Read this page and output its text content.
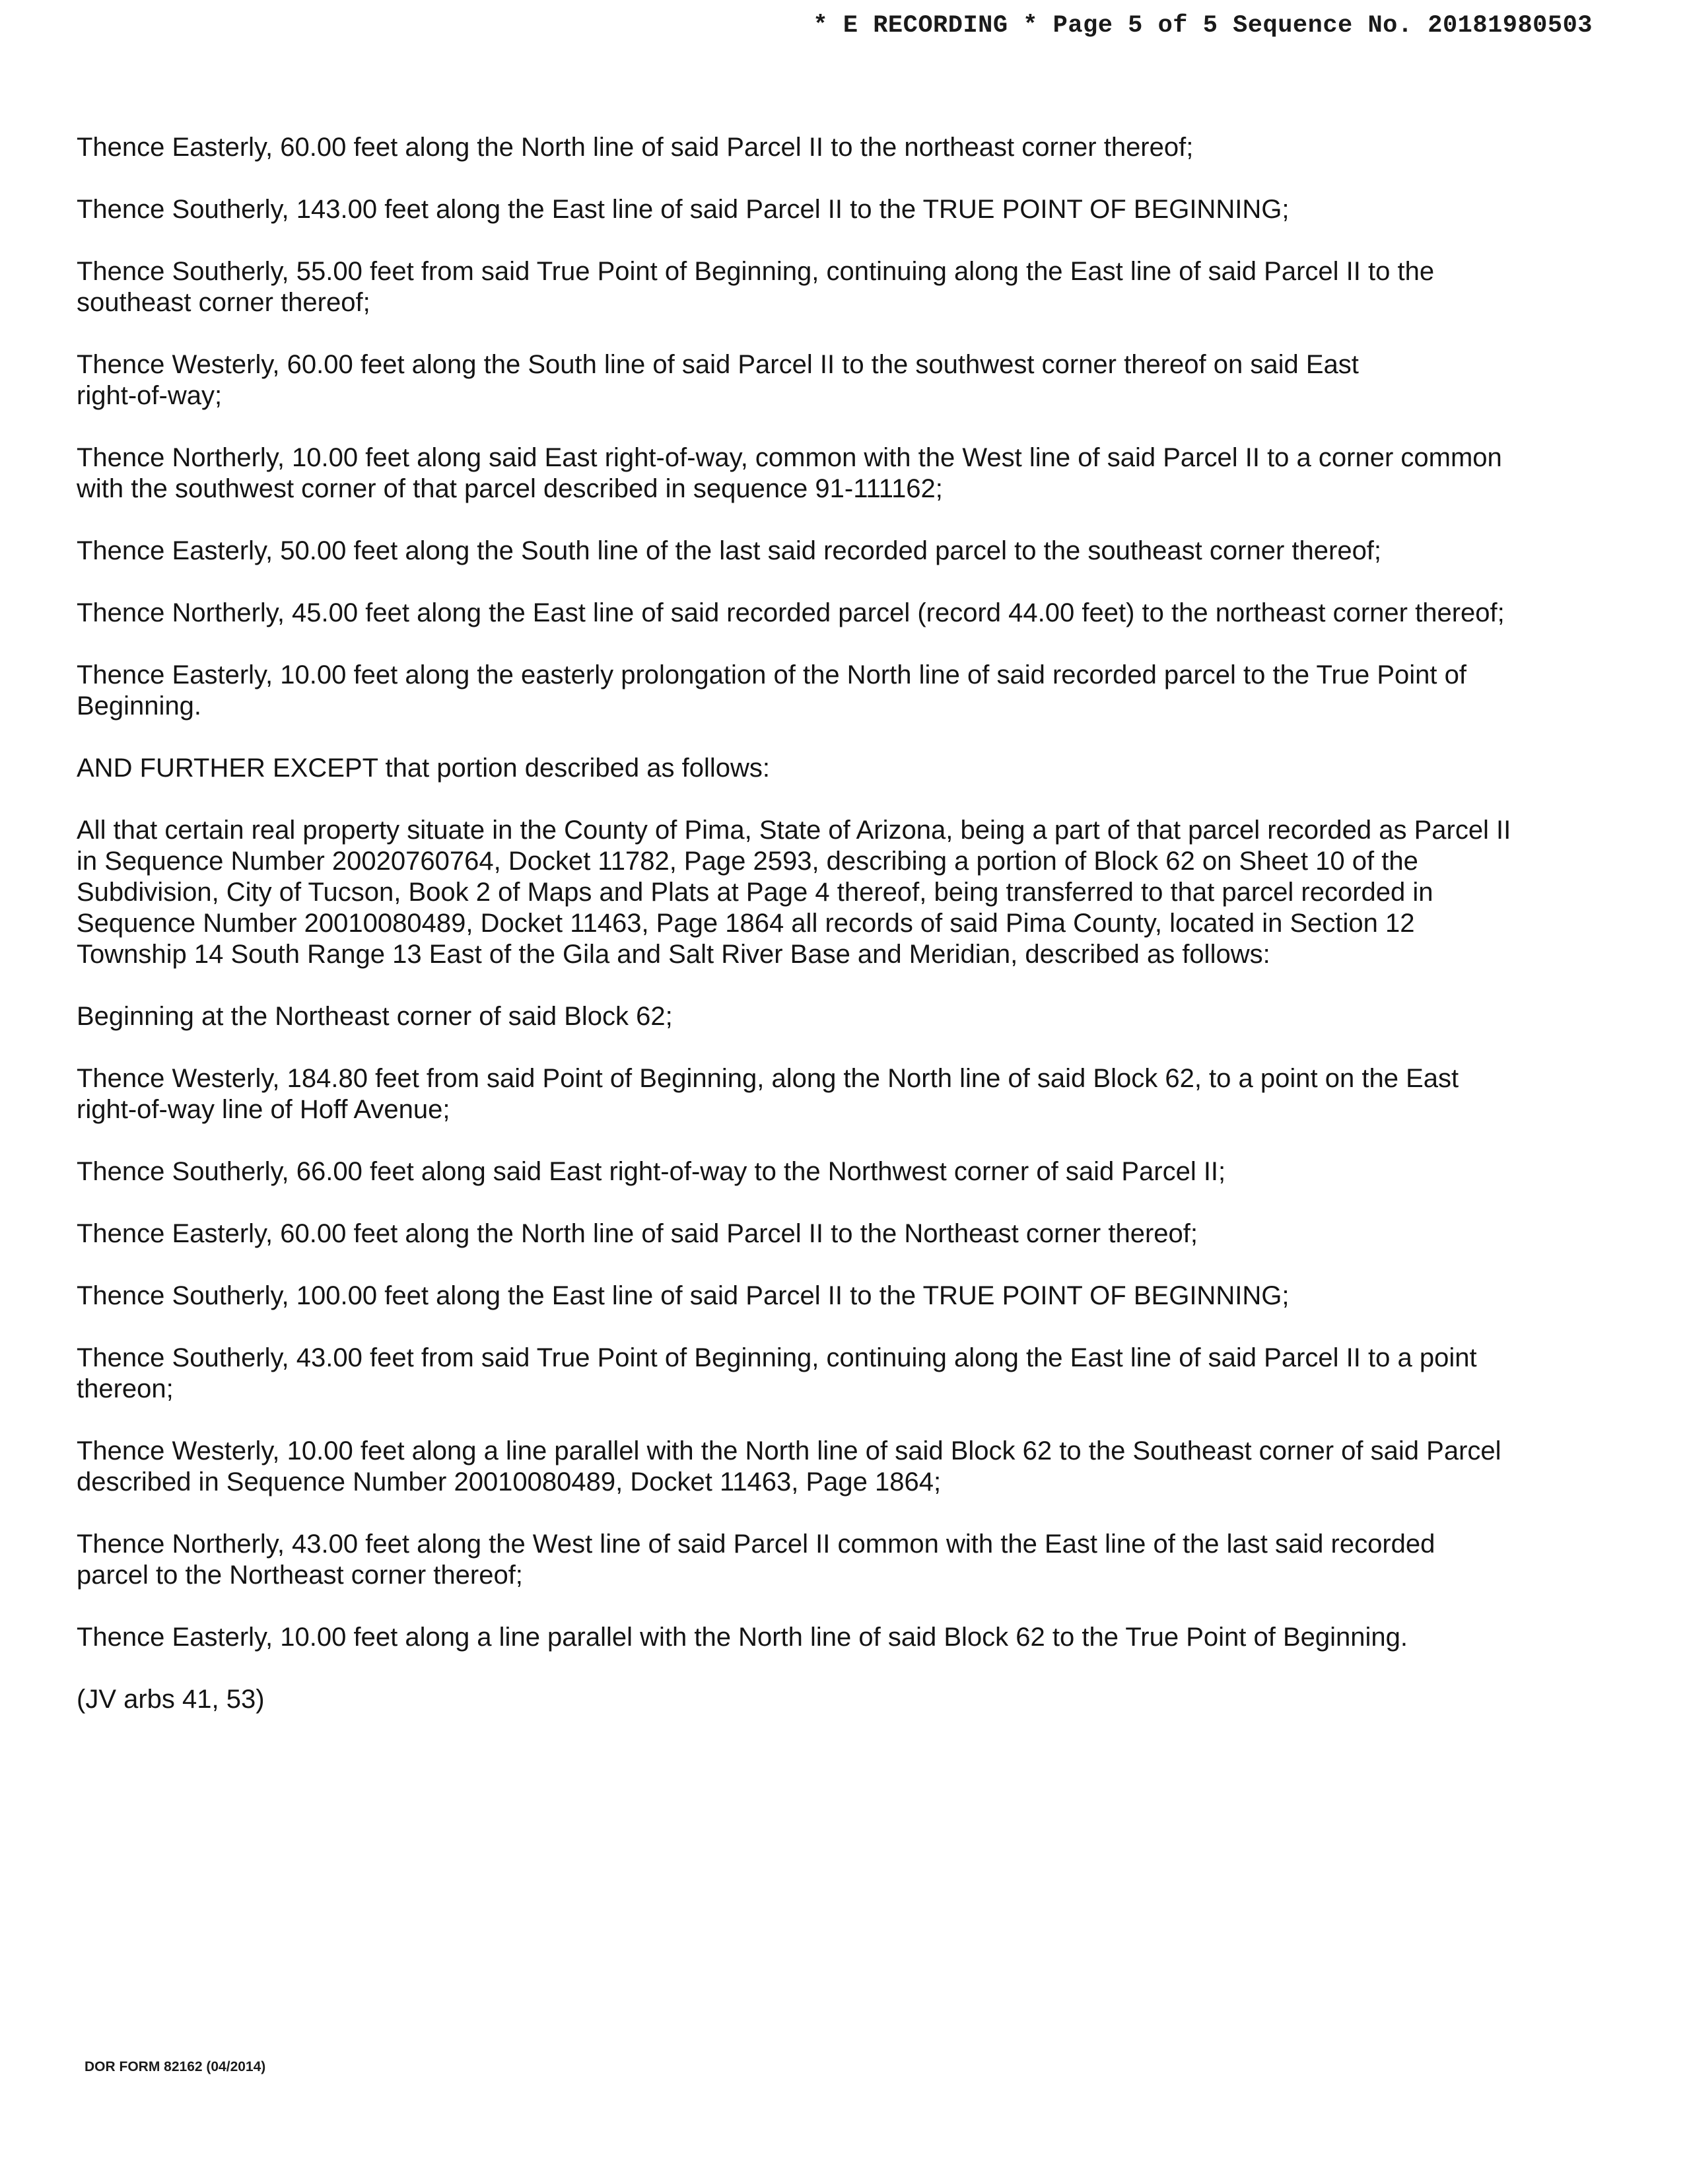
* E RECORDING * Page 5 of 5 Sequence No. 20181980503

Thence Easterly, 60.00 feet along the North line of said Parcel II to the northeast corner thereof;

Thence Southerly, 143.00 feet along the East line of said Parcel II to the TRUE POINT OF BEGINNING;

Thence Southerly, 55.00 feet from said True Point of Beginning, continuing along the East line of said Parcel II to the
southeast corner thereof;

Thence Westerly, 60.00 feet along the South line of said Parcel II to the southwest corner thereof on said East
right-of-way;

Thence Northerly, 10.00 feet along said East right-of-way, common with the West line of said Parcel II to a corner common
with the southwest corner of that parcel described in sequence 91-111162;

Thence Easterly, 50.00 feet along the South line of the last said recorded parcel to the southeast corner thereof;

Thence Northerly, 45.00 feet along the East line of said recorded parcel (record 44.00 feet) to the northeast corner thereof;

Thence Easterly, 10.00 feet along the easterly prolongation of the North line of said recorded parcel to the True Point of
Beginning.

AND FURTHER EXCEPT that portion described as follows:

All that certain real property situate in the County of Pima, State of Arizona, being a part of that parcel recorded as Parcel II
in Sequence Number 20020760764, Docket 11782, Page 2593, describing a portion of Block 62 on Sheet 10 of the
Subdivision, City of Tucson, Book 2 of Maps and Plats at Page 4 thereof, being transferred to that parcel recorded in
Sequence Number 20010080489, Docket 11463, Page 1864 all records of said Pima County, located in Section 12
Township 14 South Range 13 East of the Gila and Salt River Base and Meridian, described as follows:

Beginning at the Northeast corner of said Block 62;

Thence Westerly, 184.80 feet from said Point of Beginning, along the North line of said Block 62, to a point on the East
right-of-way line of Hoff Avenue;

Thence Southerly, 66.00 feet along said East right-of-way to the Northwest corner of said Parcel II;

Thence Easterly, 60.00 feet along the North line of said Parcel II to the Northeast corner thereof;

Thence Southerly, 100.00 feet along the East line of said Parcel II to the TRUE POINT OF BEGINNING;

Thence Southerly, 43.00 feet from said True Point of Beginning, continuing along the East line of said Parcel II to a point
thereon;

Thence Westerly, 10.00 feet along a line parallel with the North line of said Block 62 to the Southeast corner of said Parcel
described in Sequence Number 20010080489, Docket 11463, Page 1864;

Thence Northerly, 43.00 feet along the West line of said Parcel II common with the East line of the last said recorded
parcel to the Northeast corner thereof;

Thence Easterly, 10.00 feet along a line parallel with the North line of said Block 62 to the True Point of Beginning.

(JV arbs 41, 53)

DOR FORM 82162 (04/2014)
